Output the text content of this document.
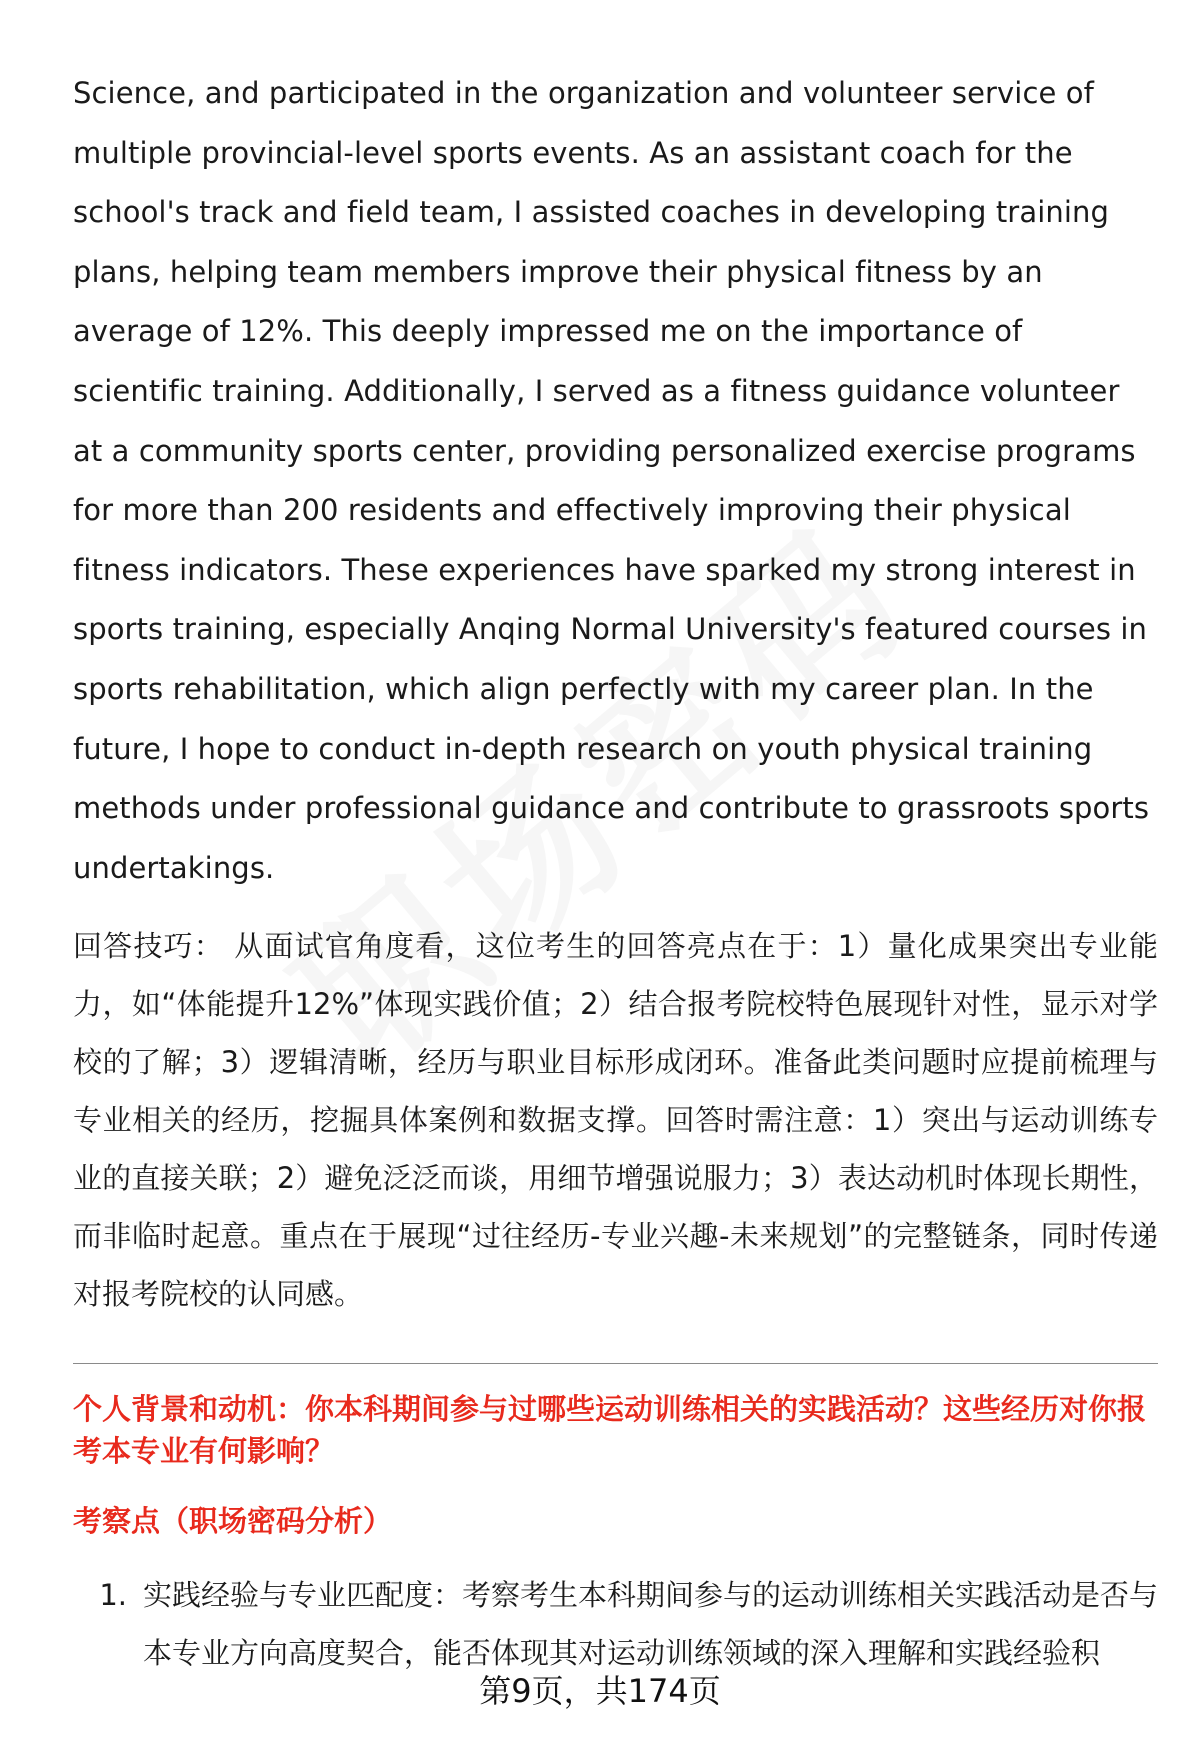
Science, and participated in the organization and volunteer service of multiple provincial-level sports events. As an assistant coach for the school's track and field team, I assisted coaches in developing training plans, helping team members improve their physical fitness by an average of 12%. This deeply impressed me on the importance of scientific training. Additionally, I served as a fitness guidance volunteer at a community sports center, providing personalized exercise programs for more than 200 residents and effectively improving their physical fitness indicators. These experiences have sparked my strong interest in sports training, especially Anqing Normal University's featured courses in sports rehabilitation, which align perfectly with my career plan. In the future, I hope to conduct in-depth research on youth physical training methods under professional guidance and contribute to grassroots sports undertakings.

回答技巧： 从面试官角度看，这位考生的回答亮点在于：1）量化成果突出专业能力，如“体能提升12%”体现实践价值；2）结合报考院校特色展现针对性，显示对学校的了解；3）逻辑清晰，经历与职业目标形成闭环。准备此类问题时应提前梳理与专业相关的经历，挖掘具体案例和数据支撑。回答时需注意：1）突出与运动训练专业的直接关联；2）避免泛泛而谈，用细节增强说服力；3）表达动机时体现长期性，而非临时起意。重点在于展现“过往经历-专业兴趣-未来规划”的完整链条，同时传递对报考院校的认同感。

个人背景和动机：你本科期间参与过哪些运动训练相关的实践活动？这些经历对你报考本专业有何影响？
考察点（职场密码分析）
1. 实践经验与专业匹配度：考察考生本科期间参与的运动训练相关实践活动是否与本专业方向高度契合，能否体现其对运动训练领域的深入理解和实践经验积
第9页，共174页
